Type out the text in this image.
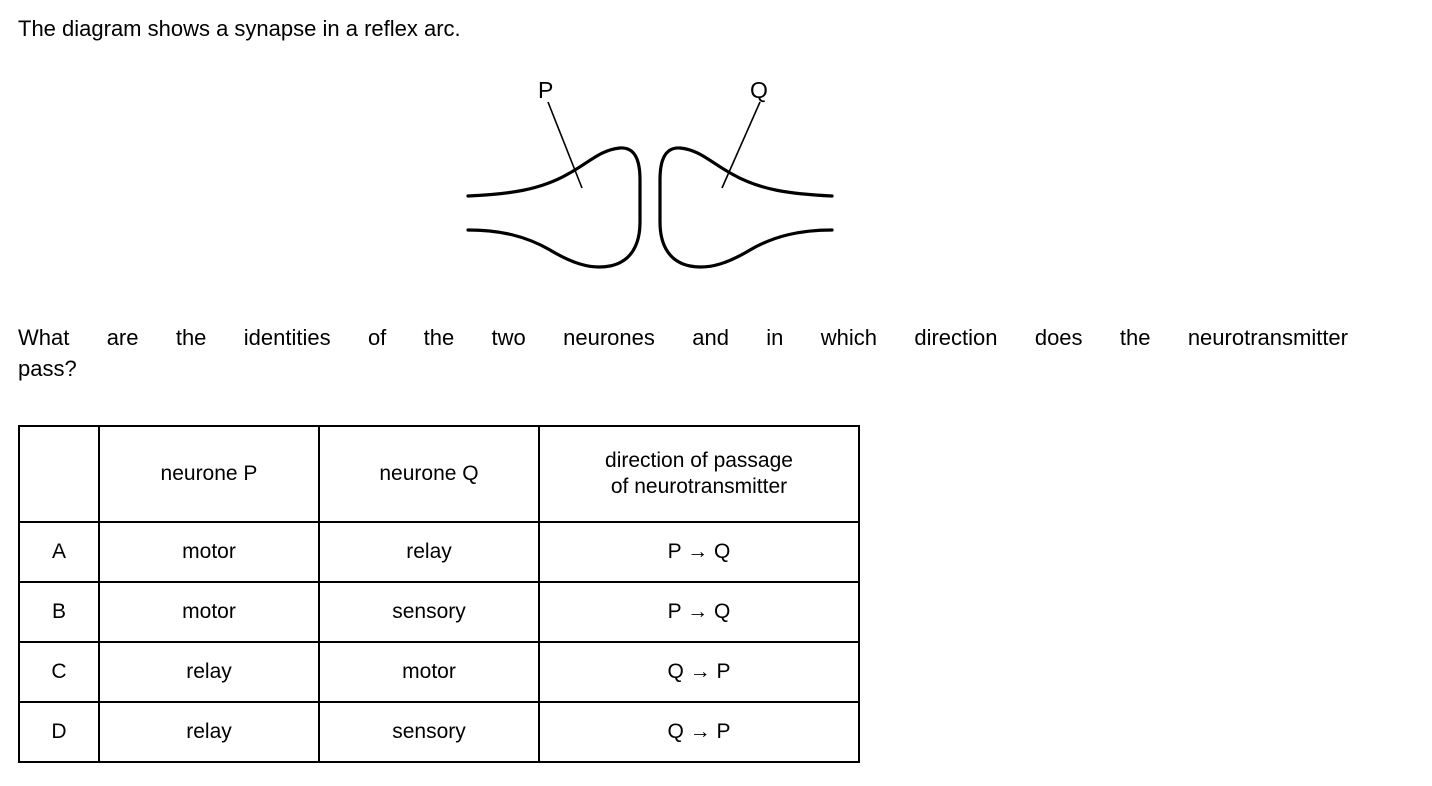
The diagram shows a synapse in a reflex arc.
P	Q
What are the identities of the two neurones and in which direction does the neurotransmitter
pass?
	neurone P	neurone Q	direction of passage
of neurotransmitter

A	motor	relay	P → Q
B	motor	sensory	P → Q
C	relay	motor	Q → P
D	relay	sensory	Q → P
